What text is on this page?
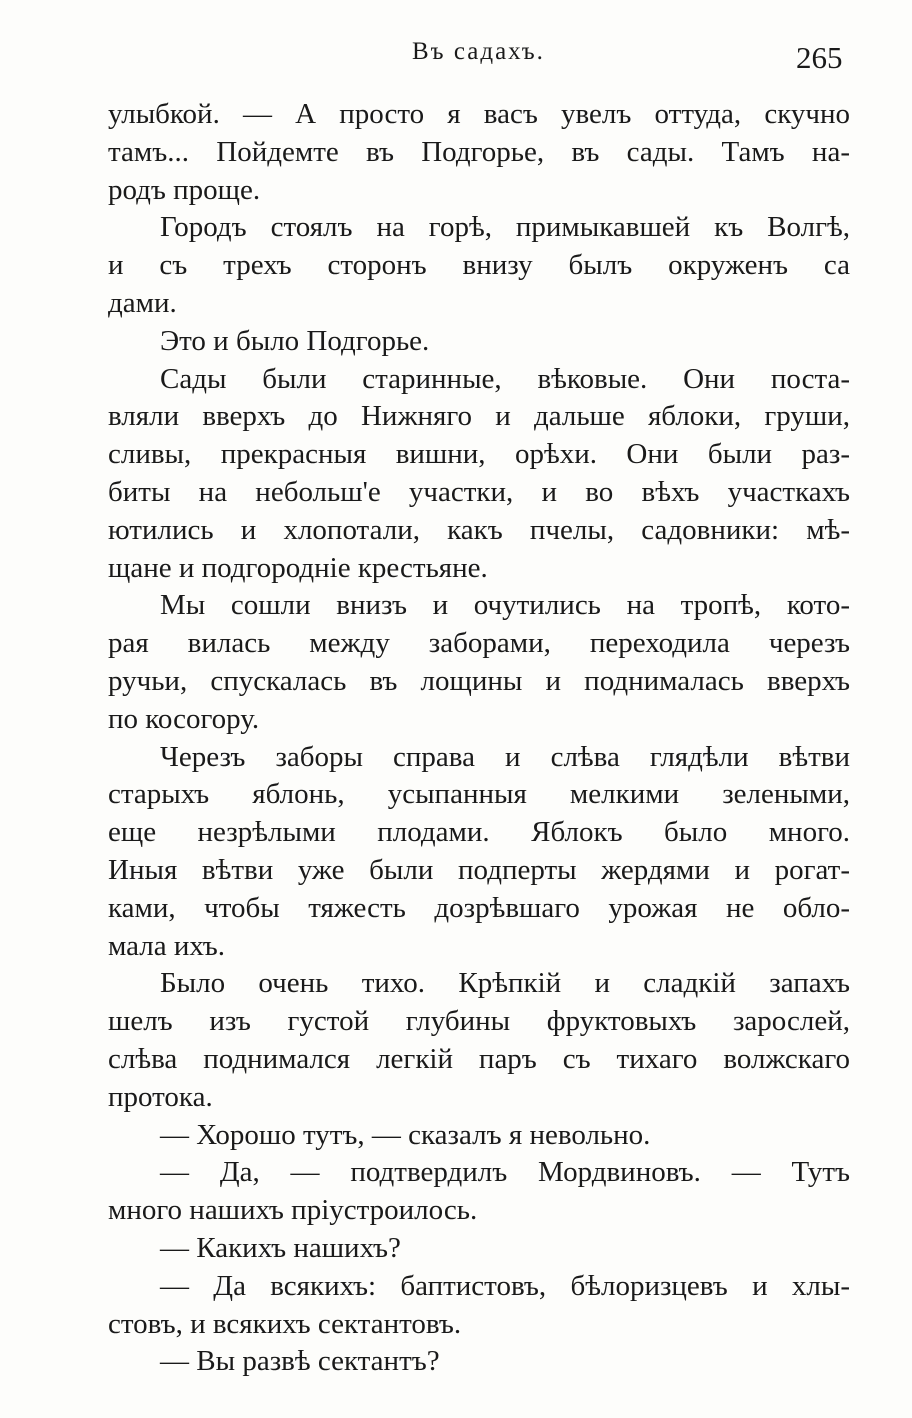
Въ садахъ.	265
улыбкой. — А просто я васъ увелъ оттуда, скучно
тамъ... Пойдемте въ Подгорье, въ сады. Тамъ на-
родъ проще.
Городъ стоялъ на горѣ, примыкавшей къ Волгѣ,
и съ трехъ сторонъ внизу былъ окруженъ са
дами.
Это и было Подгорье.
Сады были старинные, вѣковые. Они поста-
вляли вверхъ до Нижняго и дальше яблоки, груши,
сливы, прекрасныя вишни, орѣхи. Они были раз-
биты на небольш'е участки, и во вѣхъ участкахъ
ютились и хлопотали, какъ пчелы, садовники: мѣ-
щане и подгородніе крестьяне.
Мы сошли внизъ и очутились на тропѣ, кото-
рая вилась между заборами, переходила черезъ
ручьи, спускалась въ лощины и поднималась вверхъ
по косогору.
Черезъ заборы справа и слѣва глядѣли вѣтви
старыхъ яблонь, усыпанныя мелкими зелеными,
еще незрѣлыми плодами. Яблокъ было много.
Иныя вѣтви уже были подперты жердями и рогат-
ками, чтобы тяжесть дозрѣвшаго урожая не обло-
мала ихъ.
Было очень тихо. Крѣпкій и сладкій запахъ
шелъ изъ густой глубины фруктовыхъ зарослей,
слѣва поднимался легкій паръ съ тихаго волжскаго
протока.
— Хорошо тутъ, — сказалъ я невольно.
— Да, — подтвердилъ Мордвиновъ. — Тутъ
много нашихъ пріустроилось.
— Какихъ нашихъ?
— Да всякихъ: баптистовъ, бѣлоризцевъ и хлы-
стовъ, и всякихъ сектантовъ.
— Вы развѣ сектантъ?
